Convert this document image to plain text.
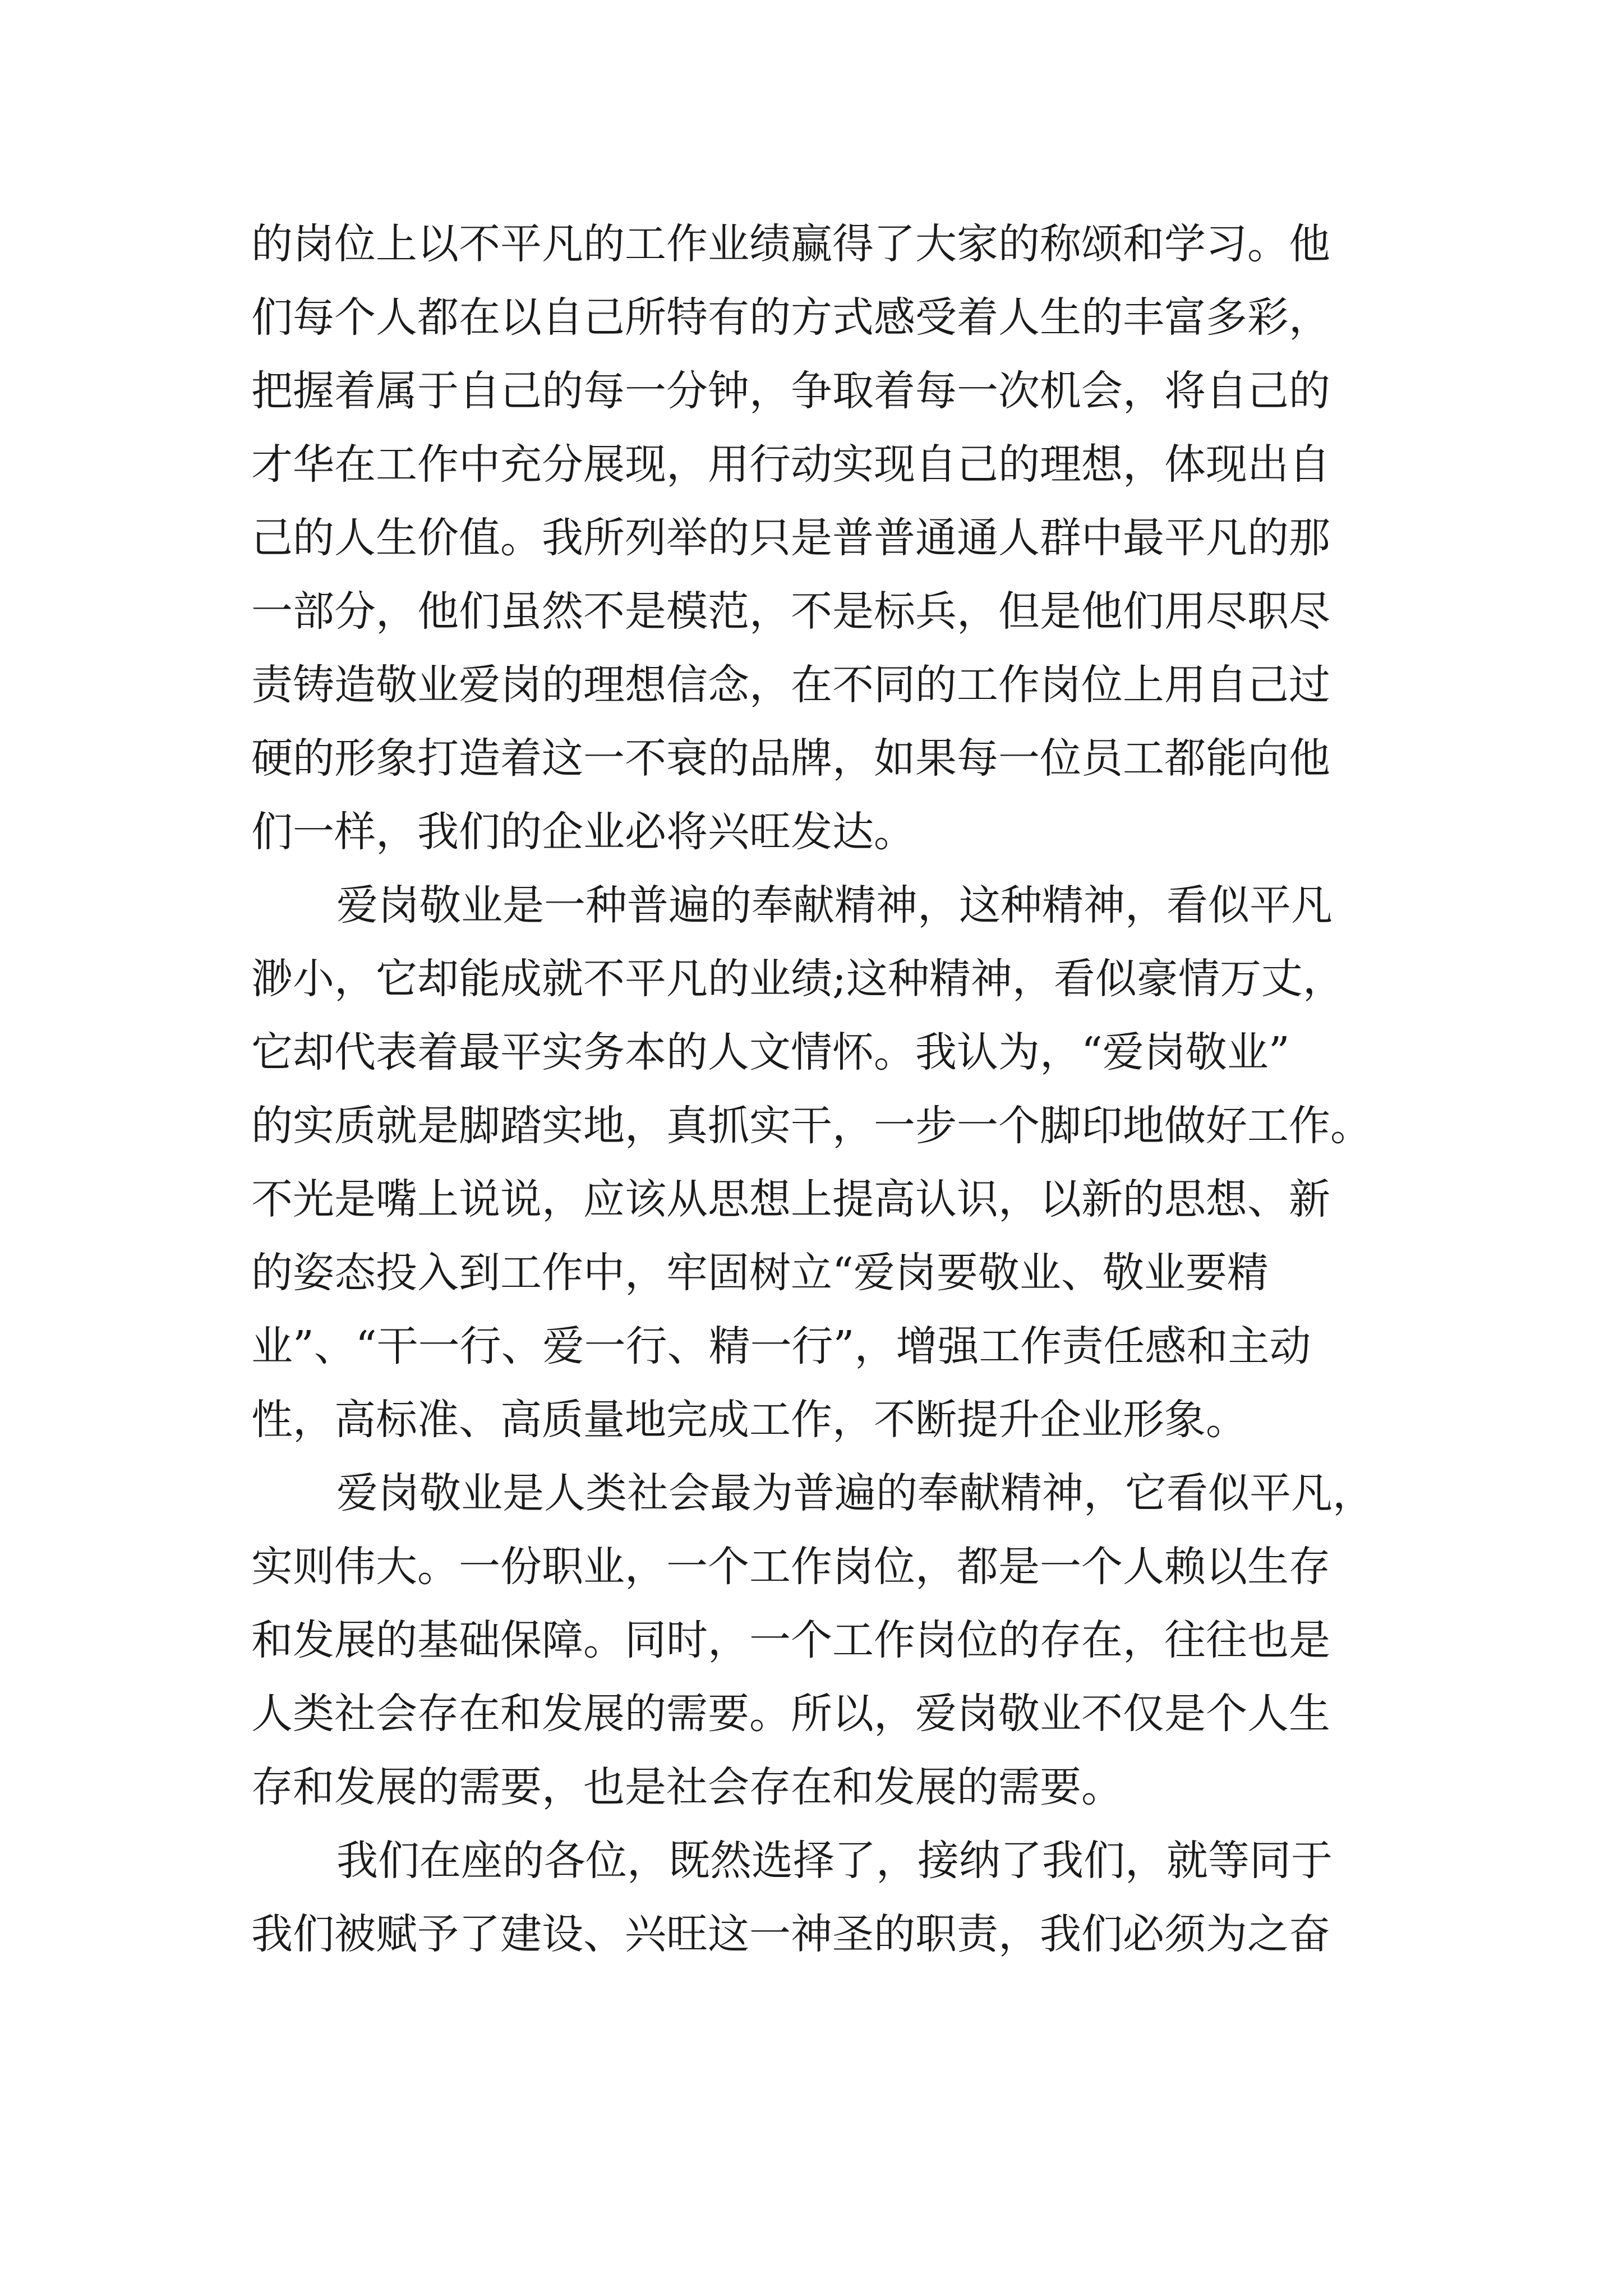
的岗位上以不平凡的工作业绩赢得了大家的称颂和学习。他
们每个人都在以自己所特有的方式感受着人生的丰富多彩，
把握着属于自己的每一分钟，争取着每一次机会，将自己的
才华在工作中充分展现，用行动实现自己的理想，体现出自
己的人生价值。我所列举的只是普普通通人群中最平凡的那
一部分，他们虽然不是模范，不是标兵，但是他们用尽职尽
责铸造敬业爱岗的理想信念，在不同的工作岗位上用自己过
硬的形象打造着这一不衰的品牌，如果每一位员工都能向他
们一样，我们的企业必将兴旺发达。
爱岗敬业是一种普遍的奉献精神，这种精神，看似平凡
渺小，它却能成就不平凡的业绩;这种精神，看似豪情万丈，
它却代表着最平实务本的人文情怀。我认为，“爱岗敬业”
的实质就是脚踏实地，真抓实干，一步一个脚印地做好工作。
不光是嘴上说说，应该从思想上提高认识，以新的思想、新
的姿态投入到工作中，牢固树立“爱岗要敬业、敬业要精
业”、“干一行、爱一行、精一行”，增强工作责任感和主动
性，高标准、高质量地完成工作，不断提升企业形象。
爱岗敬业是人类社会最为普遍的奉献精神，它看似平凡，
实则伟大。一份职业，一个工作岗位，都是一个人赖以生存
和发展的基础保障。同时，一个工作岗位的存在，往往也是
人类社会存在和发展的需要。所以，爱岗敬业不仅是个人生
存和发展的需要，也是社会存在和发展的需要。
我们在座的各位，既然选择了，接纳了我们，就等同于
我们被赋予了建设、兴旺这一神圣的职责，我们必须为之奋
